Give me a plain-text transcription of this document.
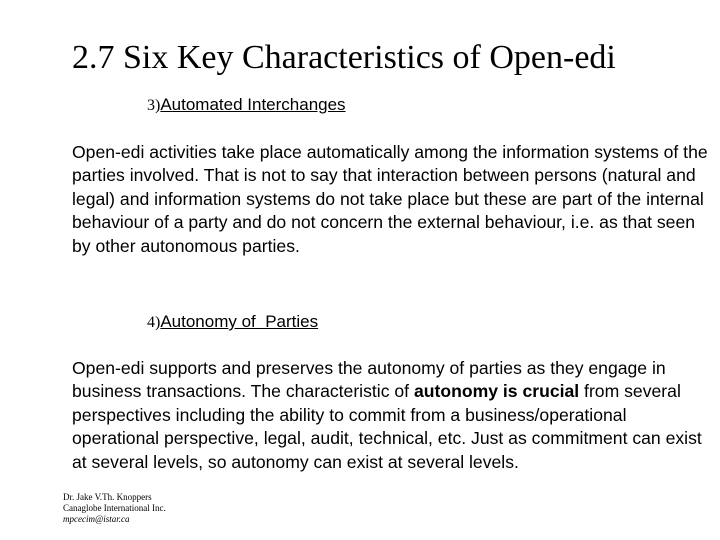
2.7 Six Key Characteristics of Open-edi
3)Automated Interchanges
Open-edi activities take place automatically among the information systems of the parties involved. That is not to say that interaction between persons (natural and legal) and information systems do not take place but these are part of the internal behaviour of a party and do not concern the external behaviour, i.e. as that seen by other autonomous parties.
4)Autonomy of  Parties
Open-edi supports and preserves the autonomy of parties as they engage in business transactions. The characteristic of autonomy is crucial from several perspectives including the ability to commit from a business/operational operational perspective, legal, audit, technical, etc. Just as commitment can exist at several levels, so autonomy can exist at several levels.
Dr. Jake V.Th. Knoppers
Canaglobe International Inc.
mpcecim@istar.ca
